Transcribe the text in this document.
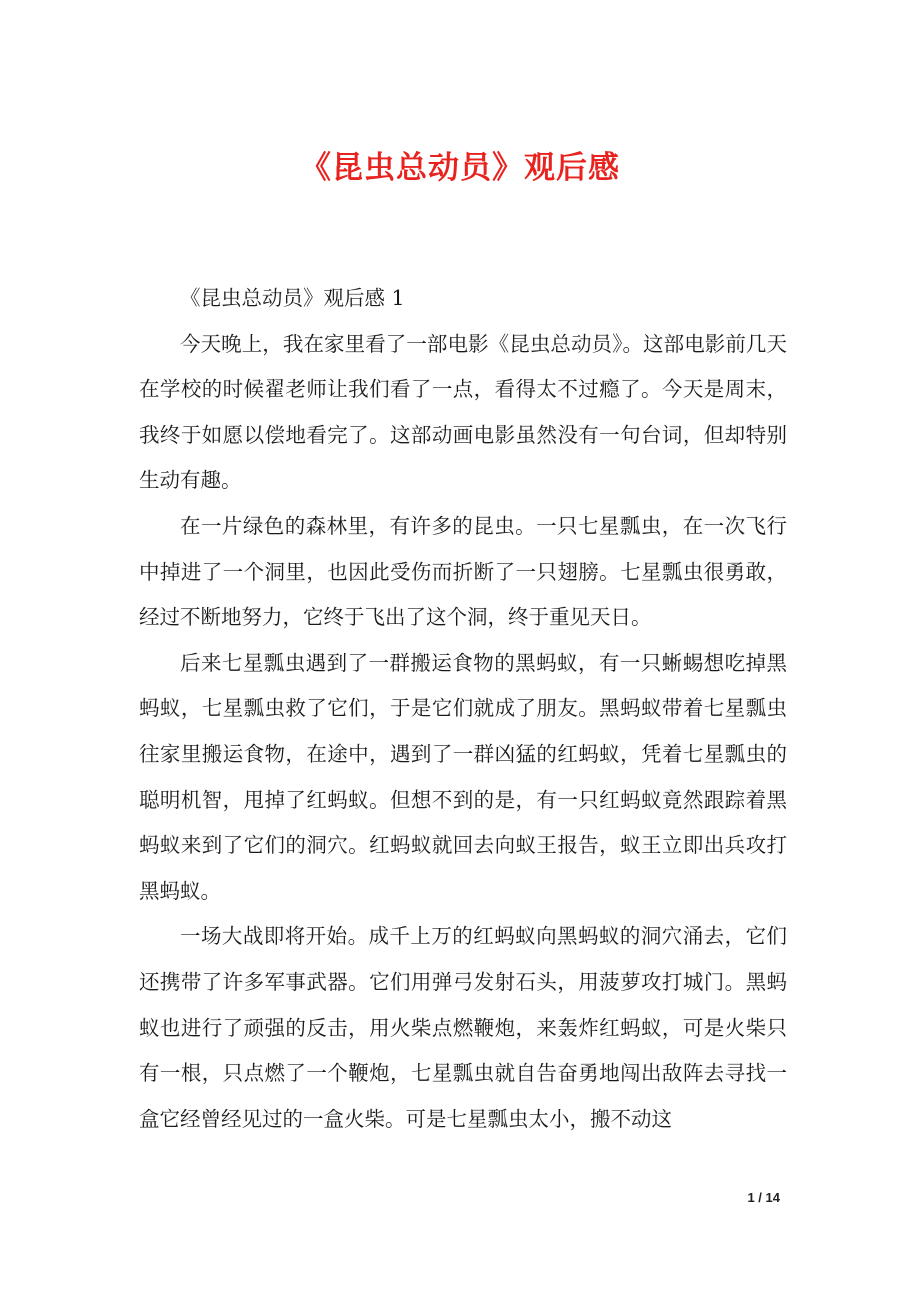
《昆虫总动员》观后感

《昆虫总动员》观后感 1

今天晚上，我在家里看了一部电影《昆虫总动员》。这部电影前几天在学校的时候翟老师让我们看了一点，看得太不过瘾了。今天是周末，我终于如愿以偿地看完了。这部动画电影虽然没有一句台词，但却特别生动有趣。

在一片绿色的森林里，有许多的昆虫。一只七星瓢虫，在一次飞行中掉进了一个洞里，也因此受伤而折断了一只翅膀。七星瓢虫很勇敢，经过不断地努力，它终于飞出了这个洞，终于重见天日。

后来七星瓢虫遇到了一群搬运食物的黑蚂蚁，有一只蜥蜴想吃掉黑蚂蚁，七星瓢虫救了它们，于是它们就成了朋友。黑蚂蚁带着七星瓢虫往家里搬运食物，在途中，遇到了一群凶猛的红蚂蚁，凭着七星瓢虫的聪明机智，甩掉了红蚂蚁。但想不到的是，有一只红蚂蚁竟然跟踪着黑蚂蚁来到了它们的洞穴。红蚂蚁就回去向蚁王报告，蚁王立即出兵攻打黑蚂蚁。

一场大战即将开始。成千上万的红蚂蚁向黑蚂蚁的洞穴涌去，它们还携带了许多军事武器。它们用弹弓发射石头，用菠萝攻打城门。黑蚂蚁也进行了顽强的反击，用火柴点燃鞭炮，来轰炸红蚂蚁，可是火柴只有一根，只点燃了一个鞭炮，七星瓢虫就自告奋勇地闯出敌阵去寻找一盒它经曾经见过的一盒火柴。可是七星瓢虫太小，搬不动这

1 / 14
